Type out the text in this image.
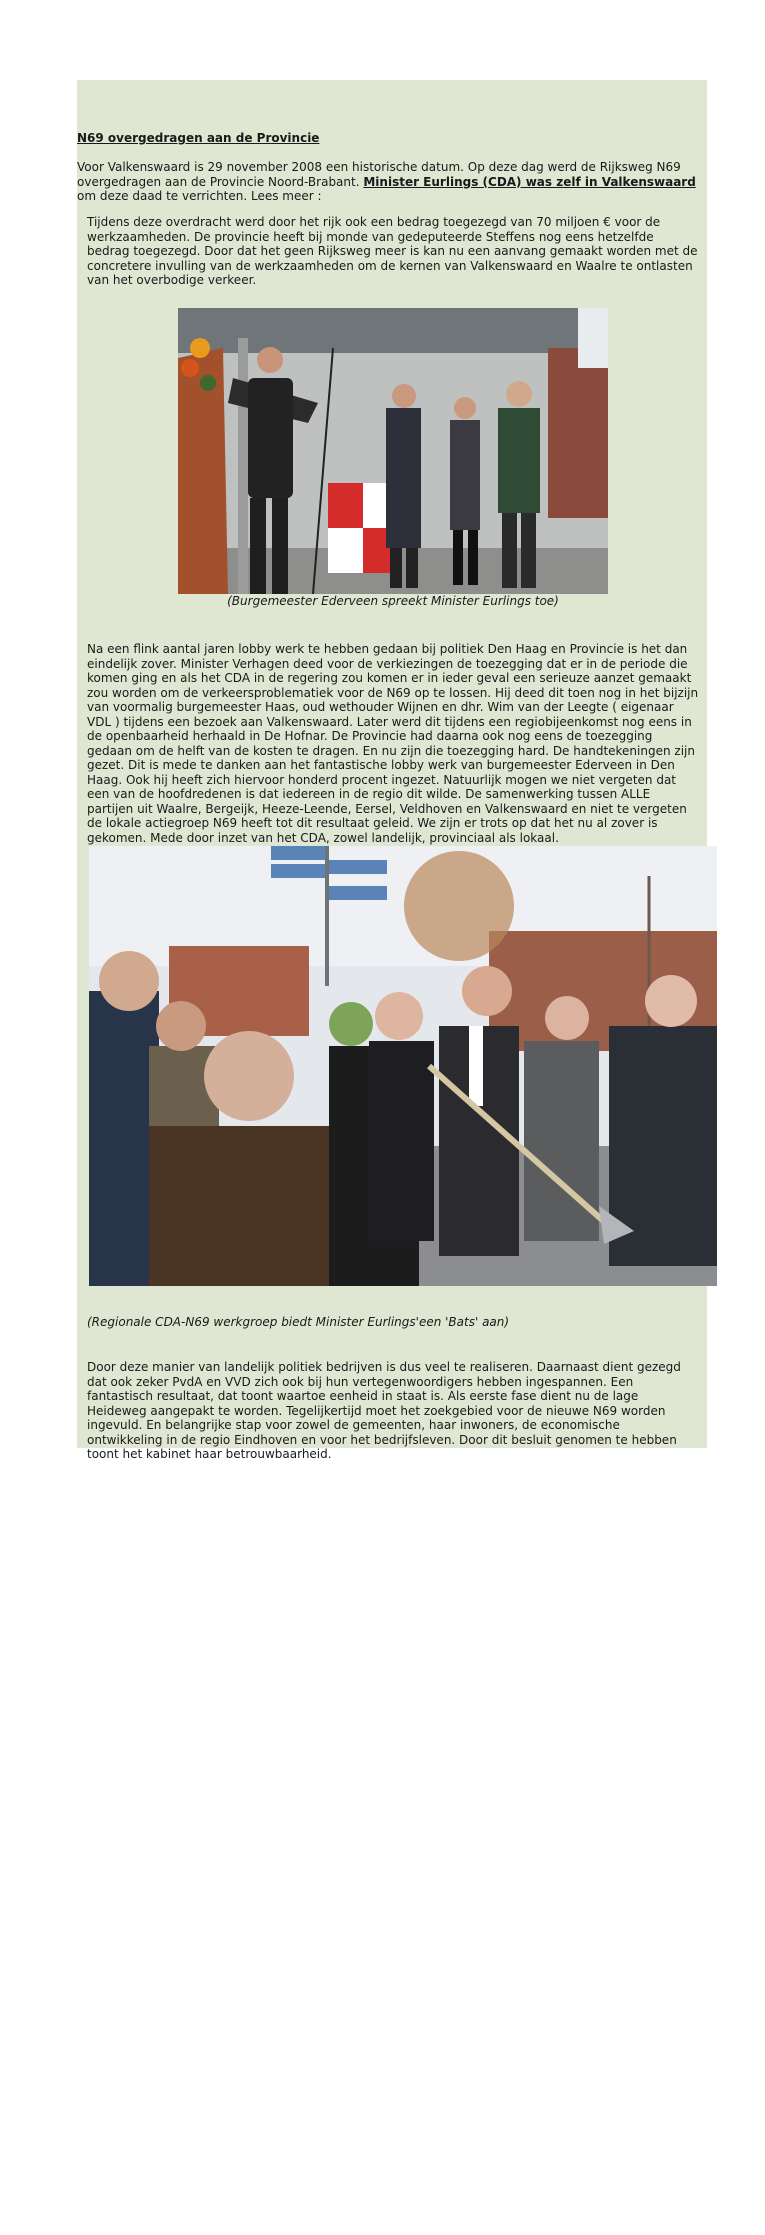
N69 overgedragen aan de Provincie

Voor Valkenswaard is 29 november 2008 een historische datum. Op deze dag werd de Rijksweg N69 overgedragen aan de Provincie Noord-Brabant. Minister Eurlings (CDA) was zelf in Valkenswaard om deze daad te verrichten. Lees meer :

Tijdens deze overdracht werd door het rijk ook een bedrag toegezegd van 70 miljoen € voor de werkzaamheden. De provincie heeft bij monde van gedeputeerde Steffens nog eens hetzelfde bedrag toegezegd. Door dat het geen Rijksweg meer is kan nu een aanvang gemaakt worden met de concretere invulling van de werkzaamheden om de kernen van Valkenswaard en Waalre te ontlasten van het overbodige verkeer.

(Burgemeester Ederveen spreekt Minister Eurlings toe)

Na een flink aantal jaren lobby werk te hebben gedaan bij politiek Den Haag en Provincie is het dan eindelijk zover. Minister Verhagen deed voor de verkiezingen de toezegging dat er in de periode die komen ging en als het CDA in de regering zou komen er in ieder geval een serieuze aanzet gemaakt zou worden om de verkeersproblematiek voor de N69 op te lossen. Hij deed dit toen nog in het bijzijn van voormalig burgemeester Haas, oud wethouder Wijnen en dhr. Wim van der Leegte ( eigenaar VDL ) tijdens een bezoek aan Valkenswaard. Later werd dit tijdens een regiobijeenkomst nog eens in de openbaarheid herhaald in De Hofnar. De Provincie had daarna ook nog eens de toezegging gedaan om de helft van de kosten te dragen. En nu zijn die toezegging hard. De handtekeningen zijn gezet. Dit is mede te danken aan het fantastische lobby werk van burgemeester Ederveen in Den Haag. Ook hij heeft zich hiervoor honderd procent ingezet. Natuurlijk mogen we niet vergeten dat een van de hoofdredenen is dat iedereen in de regio dit wilde. De samenwerking tussen ALLE partijen uit Waalre, Bergeijk, Heeze-Leende, Eersel, Veldhoven en Valkenswaard en niet te vergeten de lokale actiegroep N69 heeft tot dit resultaat geleid. We zijn er trots op dat het nu al zover is gekomen. Mede door inzet van het CDA, zowel landelijk, provinciaal als lokaal.

(Regionale CDA-N69 werkgroep biedt Minister Eurlings'een 'Bats' aan)

Door deze manier van landelijk politiek bedrijven is dus veel te realiseren. Daarnaast dient gezegd dat ook zeker PvdA en VVD zich ook bij hun vertegenwoordigers hebben ingespannen. Een fantastisch resultaat, dat toont waartoe eenheid in staat is. Als eerste fase dient nu de lage Heideweg aangepakt te worden. Tegelijkertijd moet het zoekgebied voor de nieuwe N69 worden ingevuld. En belangrijke stap voor zowel de gemeenten, haar inwoners, de economische ontwikkeling in de regio Eindhoven en voor het bedrijfsleven. Door dit besluit genomen te hebben toont het kabinet haar betrouwbaarheid.
